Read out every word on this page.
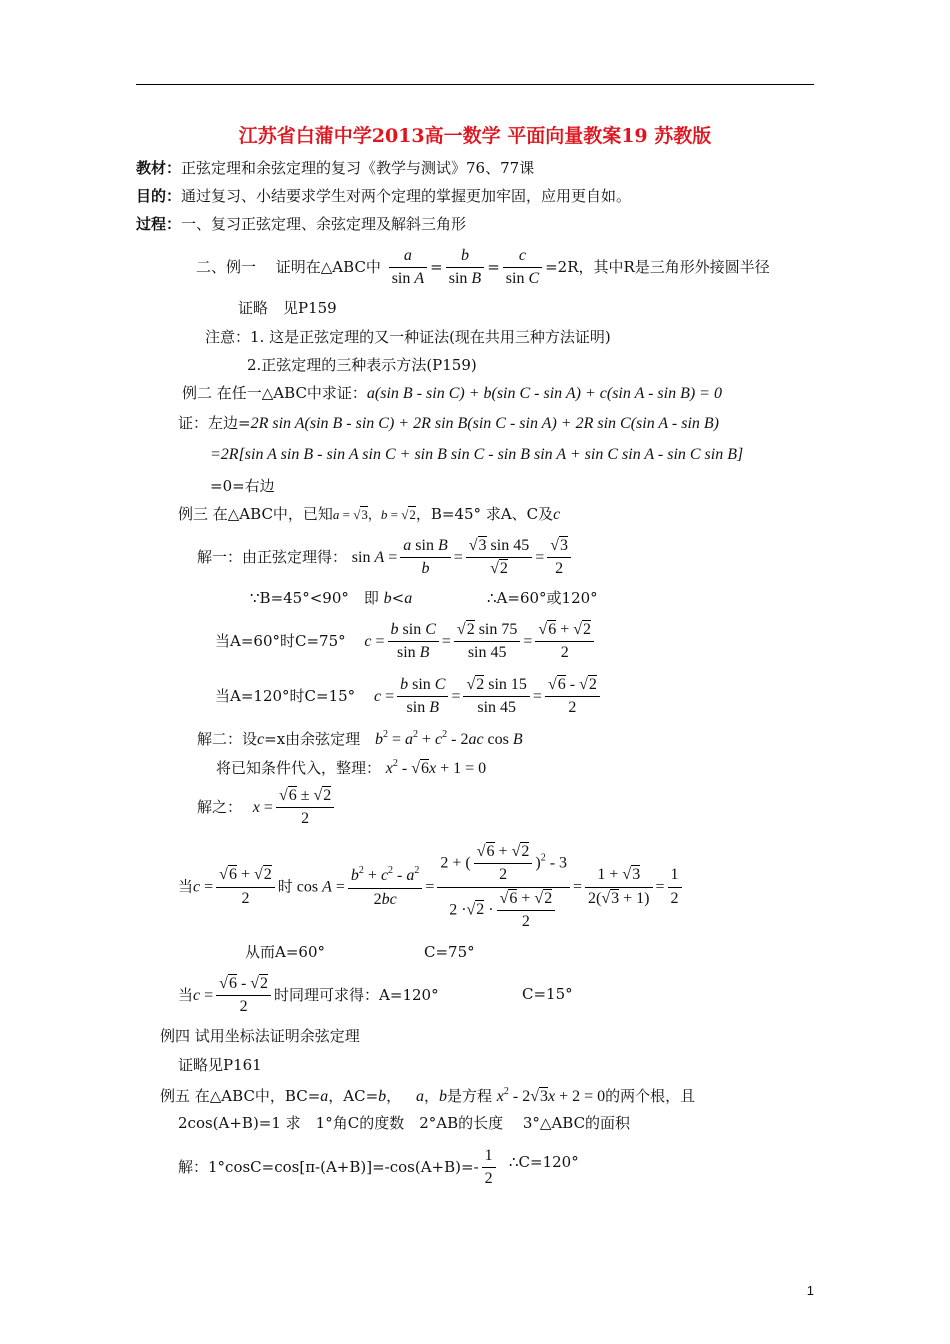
江苏省白蒲中学2013高一数学 平面向量教案19 苏教版
教材：正弦定理和余弦定理的复习《教学与测试》76、77课
目的：通过复习、小结要求学生对两个定理的掌握更加牢固，应用更自如。
过程：一、复习正弦定理、余弦定理及解斜三角形
二、例一　 证明在△ABC中 $\frac{a}{\text{sin A}} = \frac{b}{\text{sin B}} = \frac{c}{\text{sin C}} =2R$，其中R是三角形外接圆半径
证略　见P159
注意：1. 这是正弦定理的又一种证法(现在共用三种方法证明)
2.正弦定理的三种表示方法(P159)
例二 在任一△ABC中求证：a(sin B - sin C) + b(sin C - sin A) + c(sin A - sin B) = 0
证：左边=2R sin A(sin B - sin C) + 2R sin B(sin C - sin A) + 2R sin C(sin A - sin B)
=2R[sin A sin B - sin A sin C + sin B sin C - sin B sin A + sin C sin A - sin C sin B]
=0=右边
例三 在△ABC中，已知a = √3，b = √2，B=45° 求A、C及c
解一：由正弦定理得： $\sin A = \frac{\text{a sin B}}{b} = \frac{√3 \sin 45}{√2} = \frac{√3}{2}$
∵B=45°<90°　即 b<a	∴A=60°或120°
当A=60°时C=75° $c = \frac{\text{b sin C}}{\text{sin B}} = \frac{√2 \sin 75}{\sin 45} = \frac{√6 + √2}{2}$
当A=120°时C=15° $c = \frac{\text{b sin C}}{\text{sin B}} = \frac{√2 \sin 15}{\sin 45} = \frac{√6 - √2}{2}$
解二：设c=x由余弦定理 $b^2 = a^2 + c^2 - 2ac$ cos B
将已知条件代入，整理： $x^2 - √6x + 1 = 0$
解之： $x = \frac{√6 \pm √2}{2}$
当$c = \frac{√6 + √2}{2}$ 时 $\cos A = \frac{b^2 + c^2 - a^2}{2bc} = \frac{2 + ( \frac{√6 + √2}{2} )^2 - 3}{2 \cdot√2 \cdot \frac{√6 + √2}{2}} = \frac{1 + √3}{2(√3 + 1)} = \frac{1}{2}$
从而A=60°	C=75°
当$c = \frac{√6 - √2}{2}$ 时同理可求得：A=120°	C=15°
例四 试用坐标法证明余弦定理
证略见P161
例五 在△ABC中，BC=a，AC=b， a，b是方程 $x^2 - 2√3x + 2 = 0$的两个根，且
2cos(A+B)=1 求　1°角C的度数　2°AB的长度　 3°△ABC的面积
解：$1^\circ\cos C=\cos[\pi-(A+B)]=-\cos(A+B)=- \frac{1}{2}$ ∴C=120°
1
